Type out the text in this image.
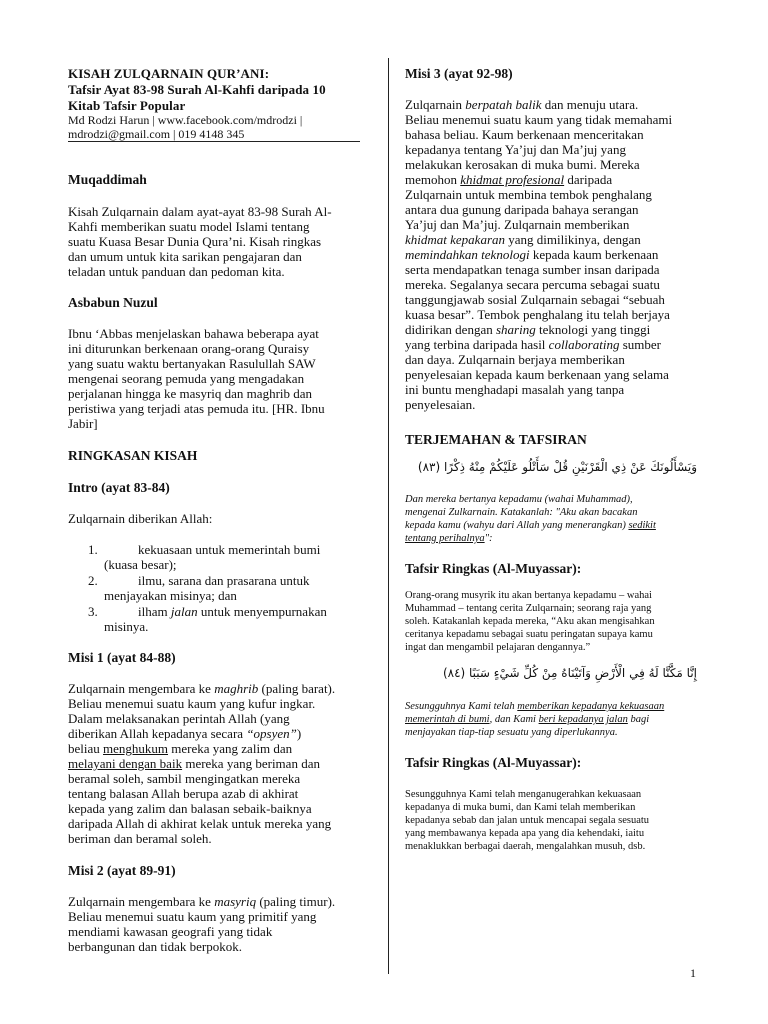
KISAH ZULQARNAIN QUR’ANI:
Tafsir Ayat 83-98 Surah Al-Kahfi daripada 10
Kitab Tafsir Popular
Md Rodzi Harun | www.facebook.com/mdrodzi |
mdrodzi@gmail.com | 019 4148 345
Muqaddimah
Kisah Zulqarnain dalam ayat-ayat 83-98 Surah Al-
Kahfi memberikan suatu model Islami tentang
suatu Kuasa Besar Dunia Qura’ni. Kisah ringkas
dan umum untuk kita sarikan pengajaran dan
teladan untuk panduan dan pedoman kita.
Asbabun Nuzul
Ibnu ‘Abbas menjelaskan bahawa beberapa ayat
ini diturunkan berkenaan orang-orang Quraisy
yang suatu waktu bertanyakan Rasulullah SAW
mengenai seorang pemuda yang mengadakan
perjalanan hingga ke masyriq dan maghrib dan
peristiwa yang terjadi atas pemuda itu. [HR. Ibnu
Jabir]
RINGKASAN KISAH
Intro (ayat 83-84)
Zulqarnain diberikan Allah:
1.	kekuasaan untuk memerintah bumi
(kuasa besar);
2.	ilmu, sarana dan prasarana untuk
menjayakan misinya; dan
3.	ilham jalan untuk menyempurnakan
misinya.
Misi 1 (ayat 84-88)
Zulqarnain mengembara ke maghrib (paling barat).
Beliau menemui suatu kaum yang kufur ingkar.
Dalam melaksanakan perintah Allah (yang
diberikan Allah kepadanya secara “opsyen”)
beliau menghukum mereka yang zalim dan
melayani dengan baik mereka yang beriman dan
beramal soleh, sambil mengingatkan mereka
tentang balasan Allah berupa azab di akhirat
kepada yang zalim dan balasan sebaik-baiknya
daripada Allah di akhirat kelak untuk mereka yang
beriman dan beramal soleh.
Misi 2 (ayat 89-91)
Zulqarnain mengembara ke masyriq (paling timur).
Beliau menemui suatu kaum yang primitif yang
mendiami kawasan geografi yang tidak
berbangunan dan tidak berpokok.
Misi 3 (ayat 92-98)
Zulqarnain berpatah balik dan menuju utara.
Beliau menemui suatu kaum yang tidak memahami
bahasa beliau. Kaum berkenaan menceritakan
kepadanya tentang Ya’juj dan Ma’juj yang
melakukan kerosakan di muka bumi. Mereka
memohon khidmat profesional daripada
Zulqarnain untuk membina tembok penghalang
antara dua gunung daripada bahaya serangan
Ya’juj dan Ma’juj. Zulqarnain memberikan
khidmat kepakaran yang dimilikinya, dengan
memindahkan teknologi kepada kaum berkenaan
serta mendapatkan tenaga sumber insan daripada
mereka. Segalanya secara percuma sebagai suatu
tanggungjawab sosial Zulqarnain sebagai “sebuah
kuasa besar”. Tembok penghalang itu telah berjaya
didirikan dengan sharing teknologi yang tinggi
yang terbina daripada hasil collaborating sumber
dan daya. Zulqarnain berjaya memberikan
penyelesaian kepada kaum berkenaan yang selama
ini buntu menghadapi masalah yang tanpa
penyelesaian.
TERJEMAHAN & TAFSIRAN
وَيَسْأَلُونَكَ عَنْ ذِي الْقَرْنَيْنِ قُلْ سَأَتْلُو عَلَيْكُمْ مِنْهُ ذِكْرًا (٨٣)
Dan mereka bertanya kepadamu (wahai Muhammad),
mengenai Zulkarnain. Katakanlah: "Aku akan bacakan
kepada kamu (wahyu dari Allah yang menerangkan) sedikit
tentang perihalnya":
Tafsir Ringkas (Al-Muyassar):
Orang-orang musyrik itu akan bertanya kepadamu – wahai
Muhammad – tentang cerita Zulqarnain; seorang raja yang
soleh. Katakanlah kepada mereka, “Aku akan mengisahkan
ceritanya kepadamu sebagai suatu peringatan supaya kamu
ingat dan mengambil pelajaran dengannya.”
إِنَّا مَكَّنَّا لَهُ فِي الْأَرْضِ وَآتَيْنَاهُ مِنْ كُلِّ شَيْءٍ سَبَبًا (٨٤)
Sesungguhnya Kami telah memberikan kepadanya kekuasaan
memerintah di bumi, dan Kami beri kepadanya jalan bagi
menjayakan tiap-tiap sesuatu yang diperlukannya.
Tafsir Ringkas (Al-Muyassar):
Sesungguhnya Kami telah menganugerahkan kekuasaan
kepadanya di muka bumi, dan Kami telah memberikan
kepadanya sebab dan jalan untuk mencapai segala sesuatu
yang membawanya kepada apa yang dia kehendaki, iaitu
menaklukkan berbagai daerah, mengalahkan musuh, dsb.
1
